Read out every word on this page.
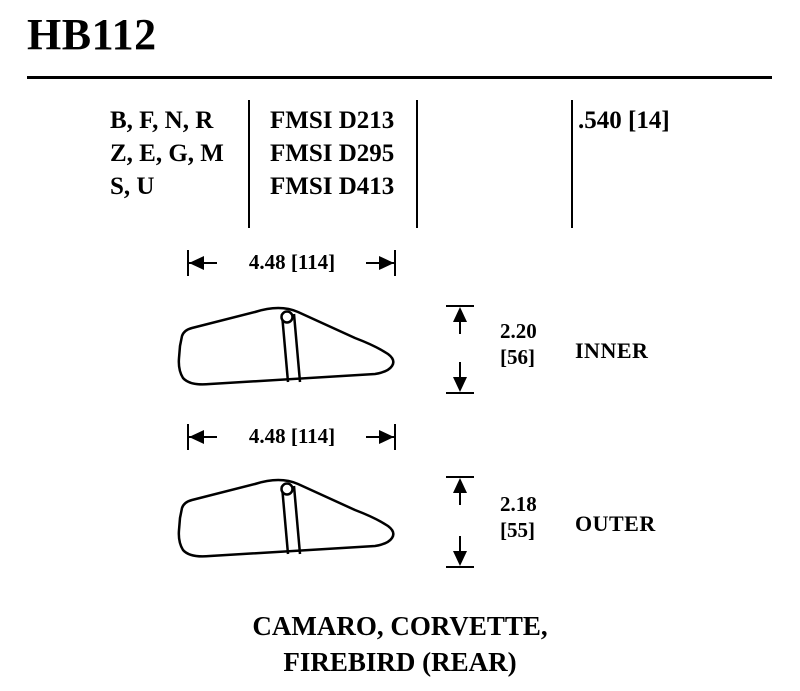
HB112
B, F, N, R
Z, E, G, M
S, U
FMSI D213
FMSI D295
FMSI D413
.540 [14]
4.48 [114]
2.20
[56] INNER
4.48 [114]
2.18
[55] OUTER
CAMARO, CORVETTE,
FIREBIRD (REAR)
